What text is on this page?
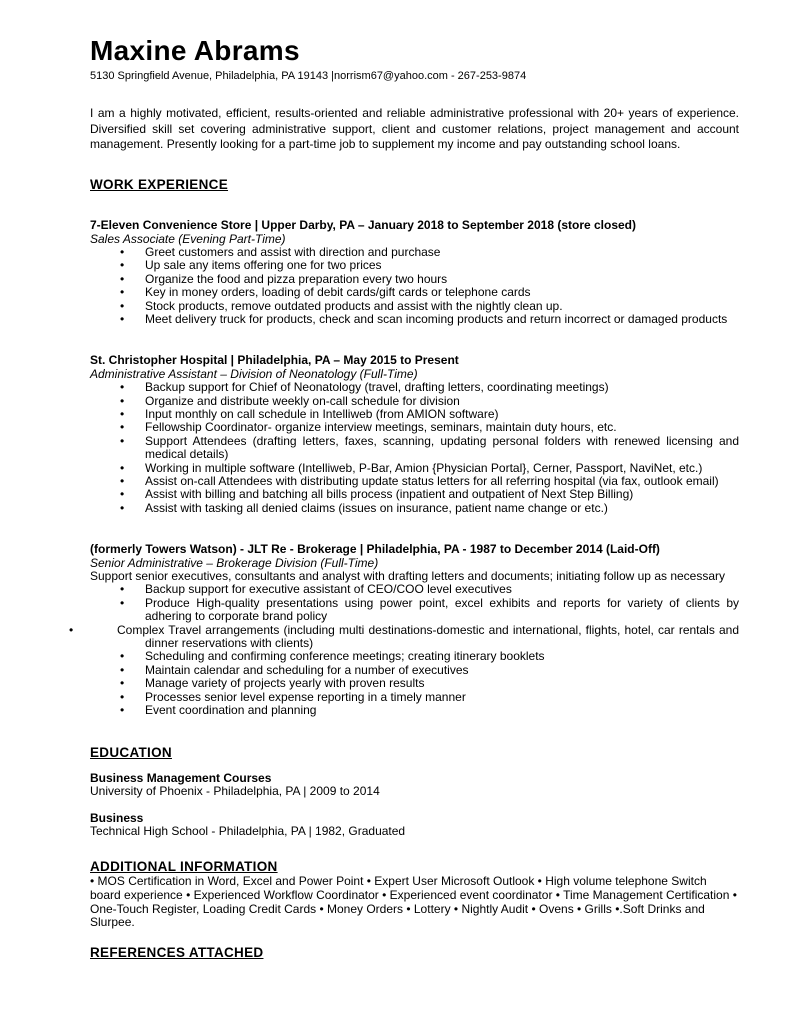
Maxine Abrams
5130 Springfield Avenue, Philadelphia, PA 19143 |norrism67@yahoo.com - 267-253-9874
I am a highly motivated, efficient, results-oriented and reliable administrative professional with 20+ years of experience. Diversified skill set covering administrative support, client and customer relations, project management and account management. Presently looking for a part-time job to supplement my income and pay outstanding school loans.
WORK EXPERIENCE
7-Eleven Convenience Store | Upper Darby, PA – January 2018 to September 2018 (store closed)
Sales Associate (Evening Part-Time)
• Greet customers and assist with direction and purchase
• Up sale any items offering one for two prices
• Organize the food and pizza preparation every two hours
• Key in money orders, loading of debit cards/gift cards or telephone cards
• Stock products, remove outdated products and assist with the nightly clean up.
• Meet delivery truck for products, check and scan incoming products and return incorrect or damaged products
St. Christopher Hospital | Philadelphia, PA – May 2015 to Present
Administrative Assistant – Division of Neonatology (Full-Time)
• Backup support for Chief of Neonatology (travel, drafting letters, coordinating meetings)
• Organize and distribute weekly on-call schedule for division
• Input monthly on call schedule in Intelliweb (from AMION software)
• Fellowship Coordinator- organize interview meetings, seminars, maintain duty hours, etc.
• Support Attendees (drafting letters, faxes, scanning, updating personal folders with renewed licensing and medical details)
• Working in multiple software (Intelliweb, P-Bar, Amion {Physician Portal}, Cerner, Passport, NaviNet, etc.)
• Assist on-call Attendees with distributing update status letters for all referring hospital (via fax, outlook email)
• Assist with billing and batching all bills process (inpatient and outpatient of Next Step Billing)
• Assist with tasking all denied claims (issues on insurance, patient name change or etc.)
(formerly Towers Watson) - JLT Re - Brokerage | Philadelphia, PA - 1987 to December 2014 (Laid-Off)
Senior Administrative – Brokerage Division (Full-Time)
Support senior executives, consultants and analyst with drafting letters and documents; initiating follow up as necessary
• Backup support for executive assistant of CEO/COO level executives
• Produce High-quality presentations using power point, excel exhibits and reports for variety of clients by adhering to corporate brand policy
• Complex Travel arrangements (including multi destinations-domestic and international, flights, hotel, car rentals and dinner reservations with clients)
• Scheduling and confirming conference meetings; creating itinerary booklets
• Maintain calendar and scheduling for a number of executives
• Manage variety of projects yearly with proven results
• Processes senior level expense reporting in a timely manner
• Event coordination and planning
EDUCATION
Business Management Courses
University of Phoenix - Philadelphia, PA | 2009 to 2014
Business
Technical High School - Philadelphia, PA | 1982, Graduated
ADDITIONAL INFORMATION
• MOS Certification in Word, Excel and Power Point • Expert User Microsoft Outlook • High volume telephone Switch board experience • Experienced Workflow Coordinator • Experienced event coordinator • Time Management Certification • One-Touch Register, Loading Credit Cards • Money Orders • Lottery • Nightly Audit • Ovens • Grills •.Soft Drinks and Slurpee.
REFERENCES ATTACHED
